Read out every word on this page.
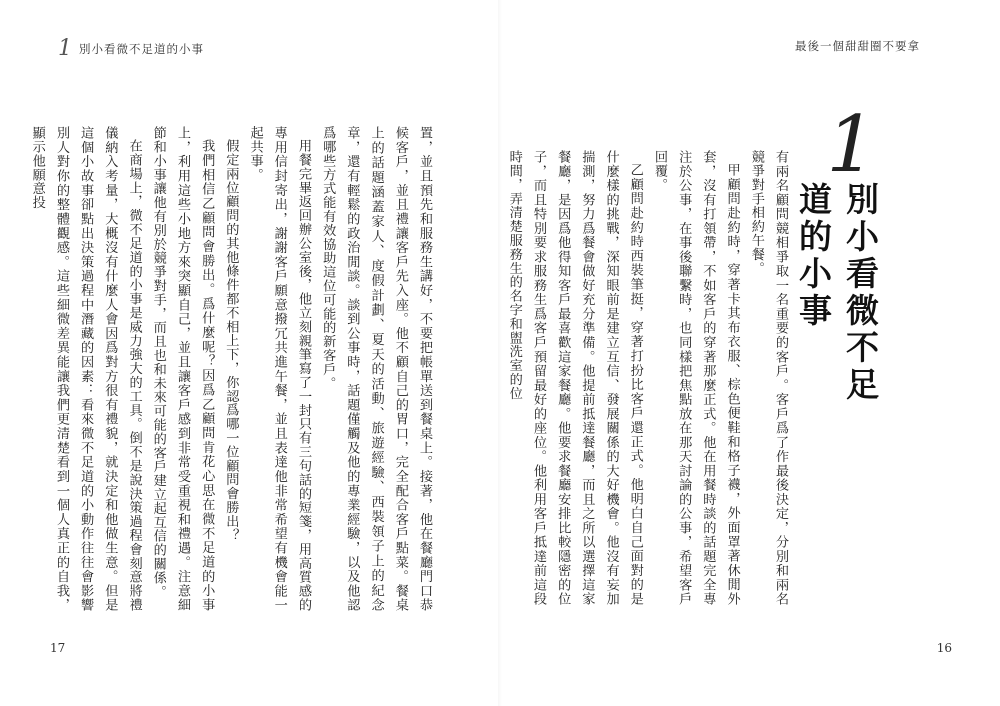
1 別小看微不足道的小事	最後一個甜甜圈不要拿
1
別小看微不足道的小事

有兩名顧問競相爭取一名重要的客戶。客戶爲了作最後決定，分別和兩名競爭對手相約午餐。

甲顧問赴約時，穿著卡其布衣服、棕色便鞋和格子襪，外面罩著休閒外套，沒有打領帶，不如客戶的穿著那麼正式。他在用餐時談的話題完全專注於公事，在事後聯繫時，也同樣把焦點放在那天討論的公事，希望客戶回覆。

乙顧問赴約時西裝筆挺，穿著打扮比客戶還正式。他明白自己面對的是什麼樣的挑戰，深知眼前是建立互信、發展關係的大好機會。他沒有妄加揣測，努力爲餐會做好充分準備。他提前抵達餐廳，而且之所以選擇這家餐廳，是因爲他得知客戶最喜歡這家餐廳。他要求餐廳安排比較隱密的位子，而且特別要求服務生爲客戶預留最好的座位。他利用客戶抵達前這段時間，弄清楚服務生的名字和盥洗室的位

置，並且預先和服務生講好，不要把帳單送到餐桌上。接著，他在餐廳門口恭候客戶，並且禮讓客戶先入座。他不顧自己的胃口，完全配合客戶點菜。餐桌上的話題涵蓋家人、度假計劃、夏天的活動、旅遊經驗、西裝領子上的紀念章，還有輕鬆的政治閒談。談到公事時，話題僅觸及他的專業經驗，以及他認爲哪些方式能有效協助這位可能的新客戶。

用餐完畢返回辦公室後，他立刻親筆寫了一封只有三句話的短箋，用高質感的專用信封寄出，謝謝客戶願意撥冗共進午餐，並且表達他非常希望有機會能一起共事。

假定兩位顧問的其他條件都不相上下，你認爲哪一位顧問會勝出？

我們相信乙顧問會勝出。爲什麼呢？因爲乙顧問肯花心思在微不足道的小事上，利用這些小地方來突顯自己，並且讓客戶感到非常受重視和禮遇。注意細節和小事讓他有別於競爭對手，而且也和未來可能的客戶建立起互信的關係。

在商場上，微不足道的小事是威力強大的工具。倒不是說決策過程會刻意將禮儀納入考量，大概沒有什麼人會因爲對方很有禮貌，就決定和他做生意。但是這個小故事卻點出決策過程中潛藏的因素：看來微不足道的小動作往往會影響別人對你的整體觀感。這些細微差異能讓我們更清楚看到一個人真正的自我，顯示他願意投

17	16
